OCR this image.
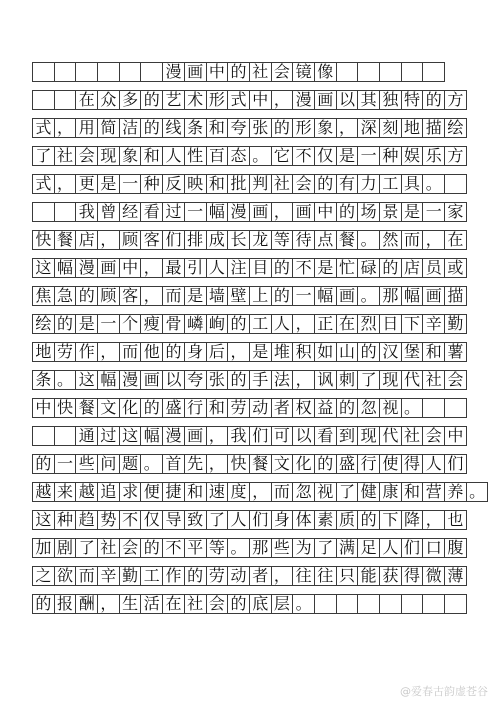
漫 画 中 的 社 会 镜 像
在 众 多 的 艺 术 形 式 中 ， 漫 画 以 其 独 特 的 方
式 ， 用 简 洁 的 线 条 和 夸 张 的 形 象 ， 深 刻 地 描 绘
了 社 会 现 象 和 人 性 百 态 。 它 不 仅 是 一 种 娱 乐 方
式 ， 更 是 一 种 反 映 和 批 判 社 会 的 有 力 工 具 。
我 曾 经 看 过 一 幅 漫 画 ， 画 中 的 场 景 是 一 家
快 餐 店 ， 顾 客 们 排 成 长 龙 等 待 点 餐 。 然 而 ， 在
这 幅 漫 画 中 ， 最 引 人 注 目 的 不 是 忙 碌 的 店 员 或
焦 急 的 顾 客 ， 而 是 墙 壁 上 的 一 幅 画 。 那 幅 画 描
绘 的 是 一 个 瘦 骨 嶙 峋 的 工 人 ， 正 在 烈 日 下 辛 勤
地 劳 作 ， 而 他 的 身 后 ， 是 堆 积 如 山 的 汉 堡 和 薯
条 。 这 幅 漫 画 以 夸 张 的 手 法 ， 讽 刺 了 现 代 社 会
中 快 餐 文 化 的 盛 行 和 劳 动 者 权 益 的 忽 视 。
通 过 这 幅 漫 画 ， 我 们 可 以 看 到 现 代 社 会 中
的 一 些 问 题 。 首 先 ， 快 餐 文 化 的 盛 行 使 得 人 们
越 来 越 追 求 便 捷 和 速 度 ， 而 忽 视 了 健 康 和 营 养 。
这 种 趋 势 不 仅 导 致 了 人 们 身 体 素 质 的 下 降 ， 也
加 剧 了 社 会 的 不 平 等 。 那 些 为 了 满 足 人 们 口 腹
之 欲 而 辛 勤 工 作 的 劳 动 者 ， 往 往 只 能 获 得 微 薄
的 报 酬 ， 生 活 在 社 会 的 底 层 。
@爱春古韵虚苍谷
